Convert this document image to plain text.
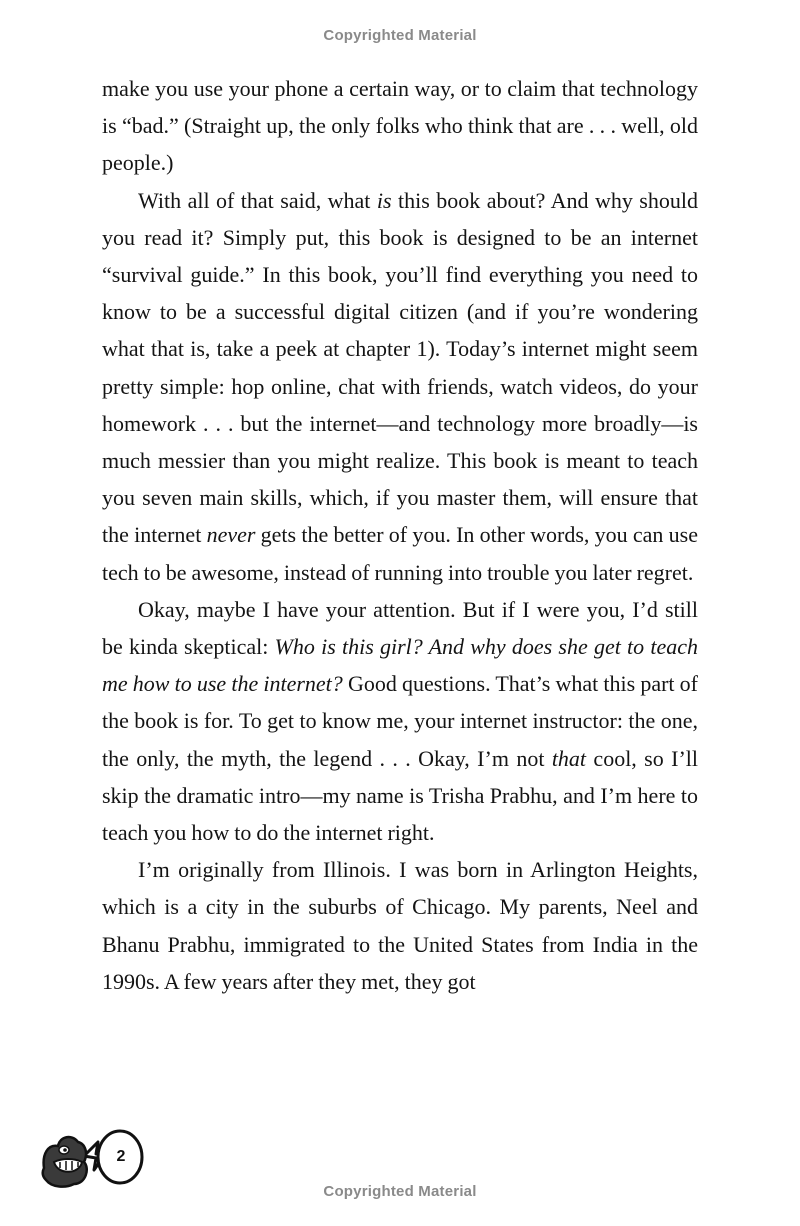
Copyrighted Material

make you use your phone a certain way, or to claim that technology is “bad.” (Straight up, the only folks who think that are . . . well, old people.)

With all of that said, what is this book about? And why should you read it? Simply put, this book is designed to be an internet “survival guide.” In this book, you’ll find everything you need to know to be a successful digital citizen (and if you’re wondering what that is, take a peek at chapter 1). Today’s internet might seem pretty simple: hop online, chat with friends, watch videos, do your homework . . . but the internet—and technology more broadly—is much messier than you might realize. This book is meant to teach you seven main skills, which, if you master them, will ensure that the internet never gets the better of you. In other words, you can use tech to be awesome, instead of running into trouble you later regret.

Okay, maybe I have your attention. But if I were you, I’d still be kinda skeptical: Who is this girl? And why does she get to teach me how to use the internet? Good questions. That’s what this part of the book is for. To get to know me, your internet instructor: the one, the only, the myth, the legend . . . Okay, I’m not that cool, so I’ll skip the dramatic intro—my name is Trisha Prabhu, and I’m here to teach you how to do the internet right.

I’m originally from Illinois. I was born in Arlington Heights, which is a city in the suburbs of Chicago. My parents, Neel and Bhanu Prabhu, immigrated to the United States from India in the 1990s. A few years after they met, they got

2
Copyrighted Material
